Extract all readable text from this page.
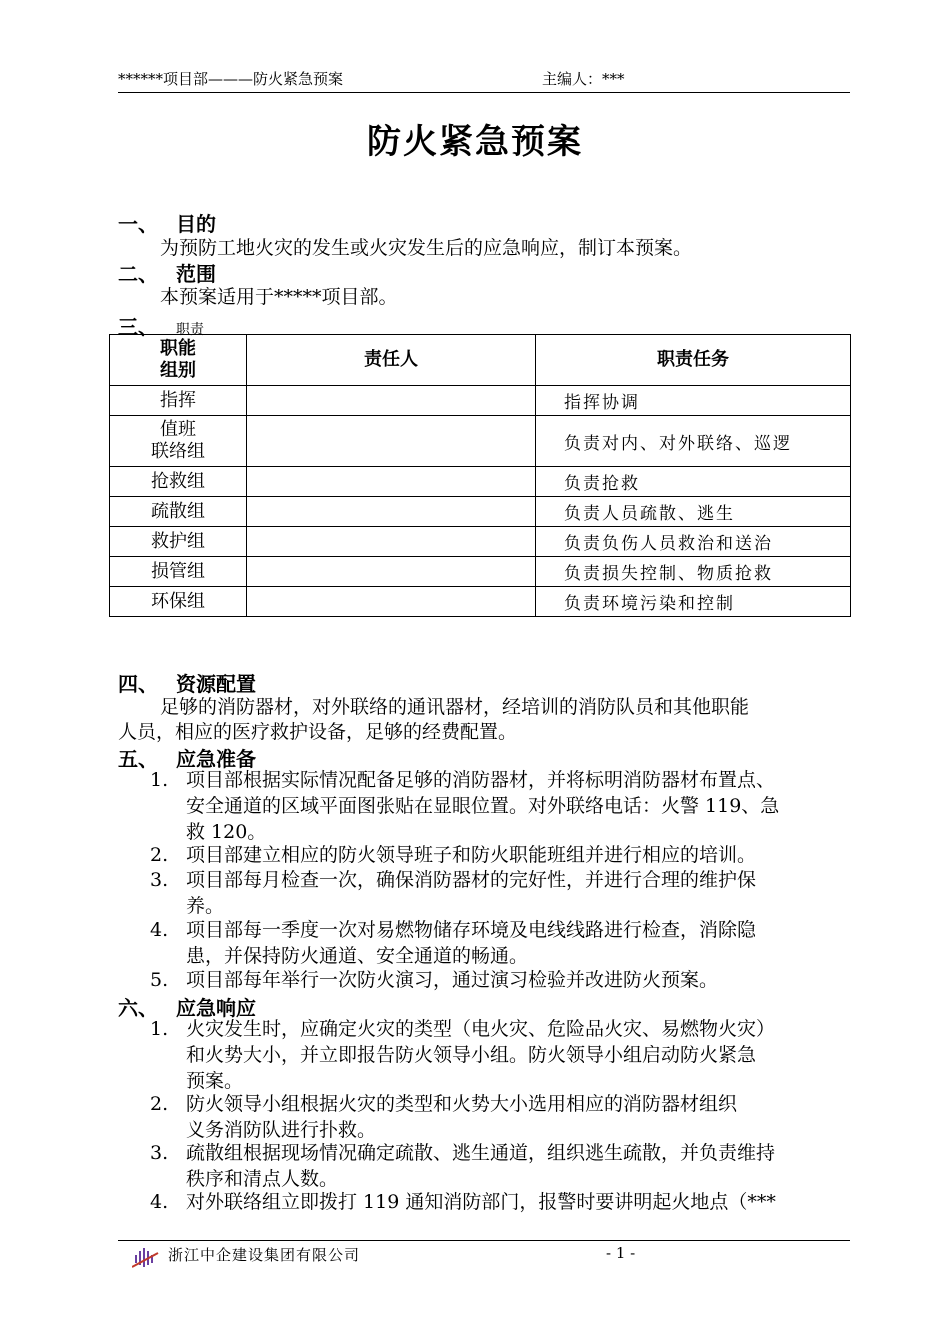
******项目部———防火紧急预案	主编人：***
防火紧急预案
一、 目的
为预防工地火灾的发生或火灾发生后的应急响应，制订本预案。
二、 范围
本预案适用于*****项目部。
三、 职责
职能
组别	责任人	职责任务

指挥		指挥协调

值班
联络组		负责对内、对外联络、巡逻

抢救组		负责抢救

疏散组		负责人员疏散、逃生

救护组		负责负伤人员救治和送治

损管组		负责损失控制、物质抢救

环保组		负责环境污染和控制
四、 资源配置
足够的消防器材，对外联络的通讯器材，经培训的消防队员和其他职能
人员，相应的医疗救护设备，足够的经费配置。
五、 应急准备
1. 项目部根据实际情况配备足够的消防器材，并将标明消防器材布置点、
安全通道的区域平面图张贴在显眼位置。对外联络电话：火警 119、急
救 120。
2. 项目部建立相应的防火领导班子和防火职能班组并进行相应的培训。
3. 项目部每月检查一次，确保消防器材的完好性，并进行合理的维护保
养。
4. 项目部每一季度一次对易燃物储存环境及电线线路进行检查，消除隐
患，并保持防火通道、安全通道的畅通。
5. 项目部每年举行一次防火演习，通过演习检验并改进防火预案。
六、 应急响应
1. 火灾发生时，应确定火灾的类型（电火灾、危险品火灾、易燃物火灾）
和火势大小，并立即报告防火领导小组。防火领导小组启动防火紧急
预案。
2. 防火领导小组根据火灾的类型和火势大小选用相应的消防器材组织
义务消防队进行扑救。
3. 疏散组根据现场情况确定疏散、逃生通道，组织逃生疏散，并负责维持
秩序和清点人数。
4. 对外联络组立即拨打 119 通知消防部门，报警时要讲明起火地点（***
浙江中企建设集团有限公司	- 1 -
